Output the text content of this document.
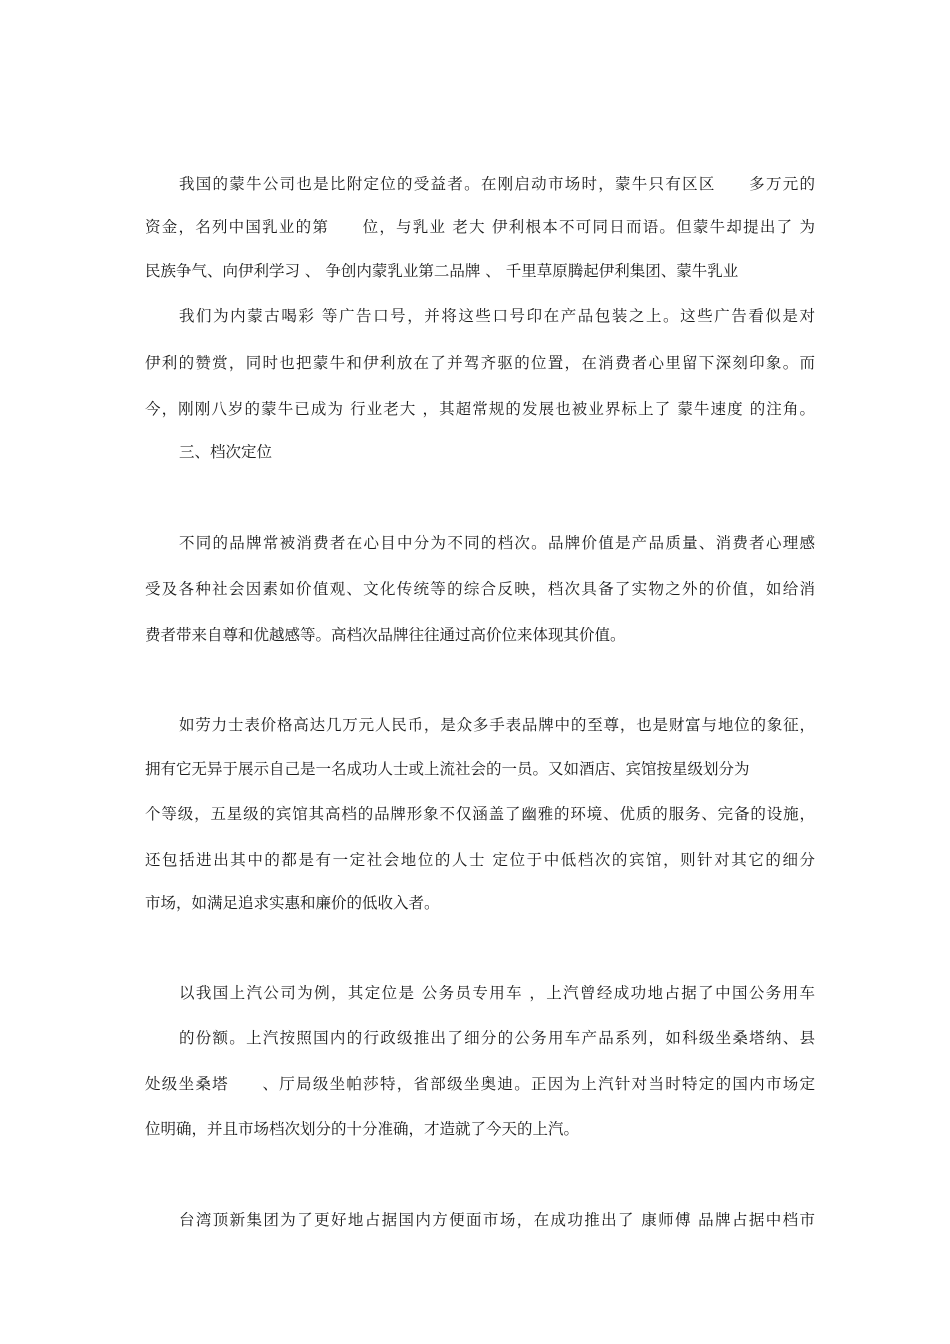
我国的蒙牛公司也是比附定位的受益者。在刚启动市场时，蒙牛只有区区　　多万元的
资金，名列中国乳业的第　　位，与乳业 老大 伊利根本不可同日而语。但蒙牛却提出了 为
民族争气、向伊利学习 、 争创内蒙乳业第二品牌 、 千里草原腾起伊利集团、蒙牛乳业
我们为内蒙古喝彩 等广告口号，并将这些口号印在产品包装之上。这些广告看似是对
伊利的赞赏，同时也把蒙牛和伊利放在了并驾齐驱的位置，在消费者心里留下深刻印象。而
今，刚刚八岁的蒙牛已成为 行业老大 ，其超常规的发展也被业界标上了 蒙牛速度 的注角。
三、档次定位
不同的品牌常被消费者在心目中分为不同的档次。品牌价值是产品质量、消费者心理感
受及各种社会因素如价值观、文化传统等的综合反映，档次具备了实物之外的价值，如给消
费者带来自尊和优越感等。高档次品牌往往通过高价位来体现其价值。
如劳力士表价格高达几万元人民币，是众多手表品牌中的至尊，也是财富与地位的象征，
拥有它无异于展示自己是一名成功人士或上流社会的一员。又如酒店、宾馆按星级划分为
个等级，五星级的宾馆其高档的品牌形象不仅涵盖了幽雅的环境、优质的服务、完备的设施，
还包括进出其中的都是有一定社会地位的人士 定位于中低档次的宾馆，则针对其它的细分
市场，如满足追求实惠和廉价的低收入者。
以我国上汽公司为例，其定位是 公务员专用车 ，上汽曾经成功地占据了中国公务用车
的份额。上汽按照国内的行政级推出了细分的公务用车产品系列，如科级坐桑塔纳、县
处级坐桑塔　　、厅局级坐帕莎特，省部级坐奥迪。正因为上汽针对当时特定的国内市场定
位明确，并且市场档次划分的十分准确，才造就了今天的上汽。
台湾顶新集团为了更好地占据国内方便面市场，在成功推出了 康师傅 品牌占据中档市
